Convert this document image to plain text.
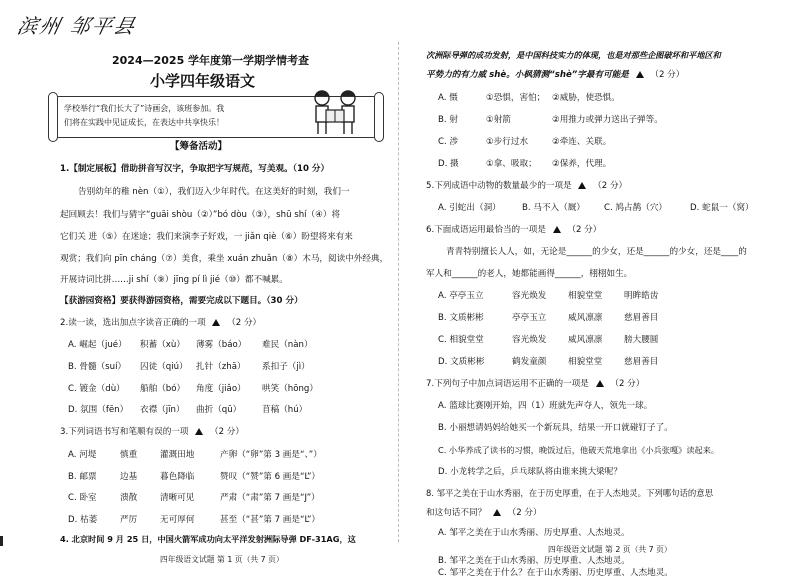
滨州 邹平县
2024—2025 学年度第一学期学情考查
小学四年级语文
学校举行“我们长大了”诗画会，该班参加。我
们将在实践中见证成长，在表达中共享快乐！
【筹备活动】
1.【制定展板】借助拼音写汉字，争取把字写规范，写美观。（10 分）
告别幼年的稚 nèn（①），我们迈入少年时代。在这美好的时刻，我们一
起回顾去！我们与猜字“guāi shòu（②）”bó dòu（③），shū shí（④）将
它们关 进（⑤）在迷途；我们来演李子好戏，一 jiǎn qiè（⑥）盼望将来有来
观赏；我们向 pīn cháng（⑦）美食，乘坐 xuán zhuǎn（⑧）木马，阅读中外经典，
开展诗词比拼……ji shí（⑨）jīng pí lì jié（⑩）都不喊累。
【获游园资格】要获得游园资格，需要完成以下题目。（30 分）
2.读一读，选出加点字读音正确的一项 （2 分）
A. 崛起（jué） 积蓄（xù） 薄雾（báo） 难民（nàn）
B. 骨髓（suí） 囚徒（qiú） 扎针（zhā） 系扣子（jì）
C. 镀金（dù） 船舶（bó） 角度（jiǎo） 哄笑（hōng）
D. 氛围（fēn） 衣襟（jīn） 曲折（qū） 苜稿（hú）
3.下列词语书写和笔顺有误的一项 （2 分）
A. 河堤	慎重	灌溉田地	产卵（“卵”第 3 画是“、”）
B. 邮票	边基	暮色降临	赞叹（“赞”第 6 画是“L”）
C. 卧室	溃散	清晰可见	严肃（“肃”第 7 画是“J”）
D. 枯萎	严厉	无可厚何	甚至（“甚”第 7 画是“L”）
4. 北京时间 9 月 25 日，中国火箭军成功向太平洋发射洲际导弹 DF-31AG，这
四年级语文试题 第 1 页（共 7 页）
次洲际导弹的成功发射，是中国科技实力的体现，也是对那些企图破坏和平地区和
平势力的有力威 shè。小枫猜测“shè”字最有可能是 （2 分）
A. 慑	①恐惧，害怕； ②威胁，使恐惧。
B. 射	①射箭	②用推力或弹力送出子弹等。
C. 涉	①步行过水	②牵连、关联。
D. 摄	①拿、吸取； ②保养，代理。
5.下列成语中动物的数量最少的一项是 （2 分）
A. 引蛇出（洞） B. 马不入（厩） C. 鸠占鹊（穴）	D. 蛇鼠一（窝）
6.下面成语运用最恰当的一项是 （2 分）
青青特别擅长人人，如，无论是______的少女，还是______的少女，还是____的
军人和______的老人，她都能画得______，栩栩如生。
A. 亭亭玉立	容光焕发	相貌堂堂	明眸皓齿
B. 文质彬彬	亭亭玉立	威风凛凛	慈眉善目
C. 相貌堂堂	容光焕发	威风凛凛	膀大腰圆
D. 文质彬彬	鹤发童颜	相貌堂堂	慈眉善目
7.下列句子中加点词语运用不正确的一项是 （2 分）
A. 篮球比赛刚开始，四（1）班就先声夺人，领先一球。
B. 小丽想请妈妈给她买一个新玩具，结果一开口就碰钉子了。
C. 小华养成了读书的习惯，晚饭过后，他破天荒地拿出《小兵张嘎》读起来。
D. 小龙转学之后，乒乓球队将由谁来挑大梁呢？
8. 邹平之美在于山水秀丽，在于历史厚重，在于人杰地灵。下列哪句话的意思
和这句话不同？ （2 分）
A. 邹平之美在于山水秀丽、历史厚重、人杰地灵。
四年级语文试题 第 2 页（共 7 页）
B. 邹平之美在于山水秀丽、历史厚重、人杰地灵。
C. 邹平之美在于什么？在于山水秀丽、历史厚重、人杰地灵。
